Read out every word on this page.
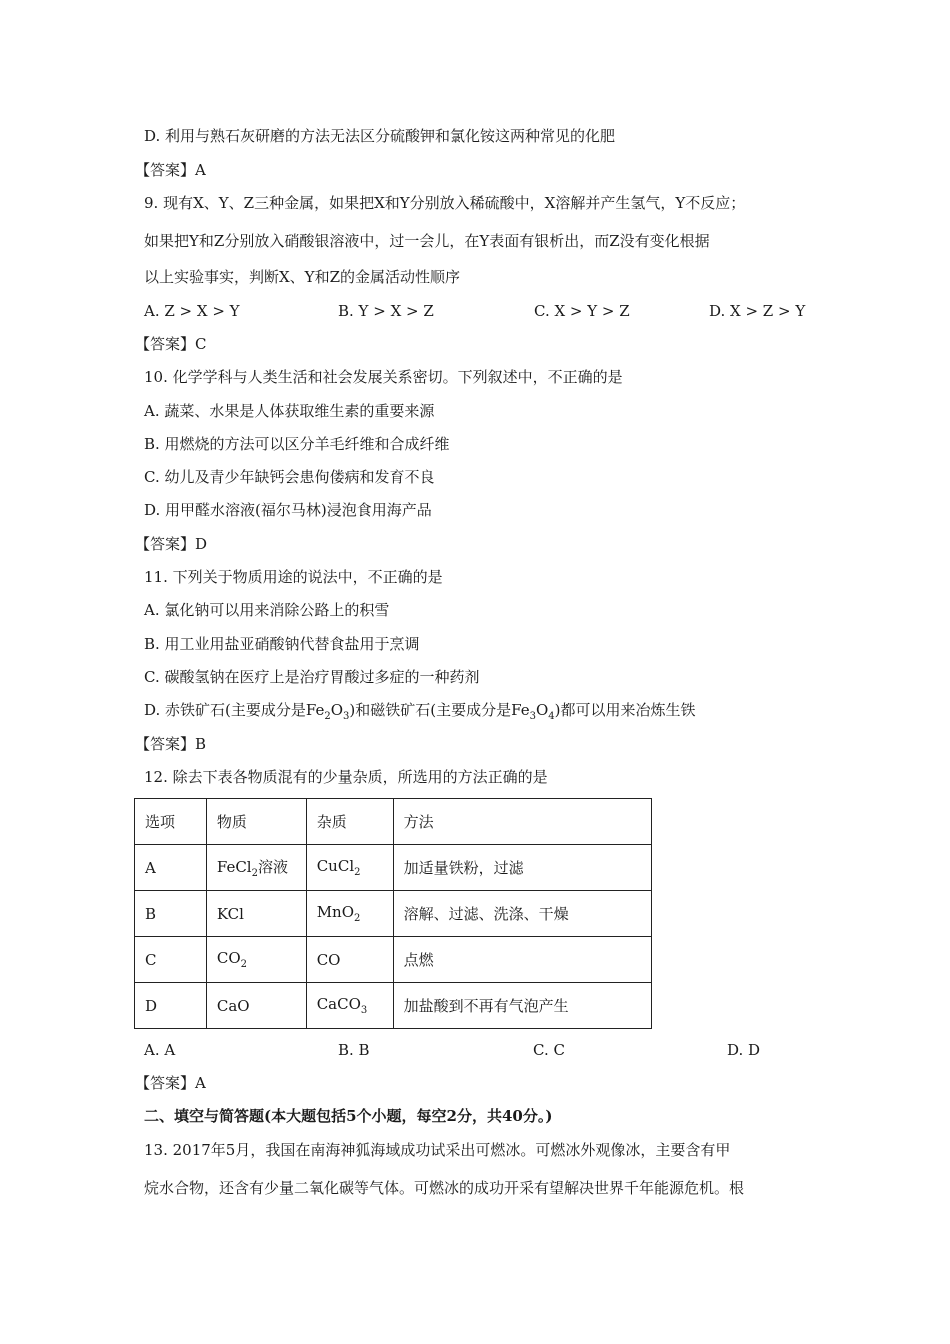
D. 利用与熟石灰研磨的方法无法区分硫酸钾和氯化铵这两种常见的化肥
【答案】A
9. 现有X、Y、Z三种金属，如果把X和Y分别放入稀硫酸中，X溶解并产生氢气，Y不反应；
如果把Y和Z分别放入硝酸银溶液中，过一会儿，在Y表面有银析出，而Z没有变化根据
以上实验事实，判断X、Y和Z的金属活动性顺序
A. Z > X > Y	B. Y > X > Z	C. X > Y > Z	D. X > Z > Y
【答案】C
10. 化学学科与人类生活和社会发展关系密切。下列叙述中，不正确的是
A. 蔬菜、水果是人体获取维生素的重要来源
B. 用燃烧的方法可以区分羊毛纤维和合成纤维
C. 幼儿及青少年缺钙会患佝偻病和发育不良
D. 用甲醛水溶液(福尔马林)浸泡食用海产品
【答案】D
11. 下列关于物质用途的说法中，不正确的是
A. 氯化钠可以用来消除公路上的积雪
B. 用工业用盐亚硝酸钠代替食盐用于烹调
C. 碳酸氢钠在医疗上是治疗胃酸过多症的一种药剂
D. 赤铁矿石(主要成分是$Fe_2O_3$)和磁铁矿石(主要成分是$Fe_3O_4$)都可以用来冶炼生铁
【答案】B
12. 除去下表各物质混有的少量杂质，所选用的方法正确的是
选项	物质	杂质	方法
A	FeCl$_2$溶液	CuCl$_2$	加适量铁粉，过滤
B	KCl	MnO$_2$	溶解、过滤、洗涤、干燥
C	$CO_2$	CO	点燃
D	CaO	CaCO$_3$	加盐酸到不再有气泡产生
A. A	B. B	C. C	D. D
【答案】A
二、填空与简答题(本大题包括5个小题，每空2分，共40分。)
13. 2017年5月，我国在南海神狐海域成功试采出可燃冰。可燃冰外观像冰，主要含有甲
烷水合物，还含有少量二氧化碳等气体。可燃冰的成功开采有望解决世界千年能源危机。根
